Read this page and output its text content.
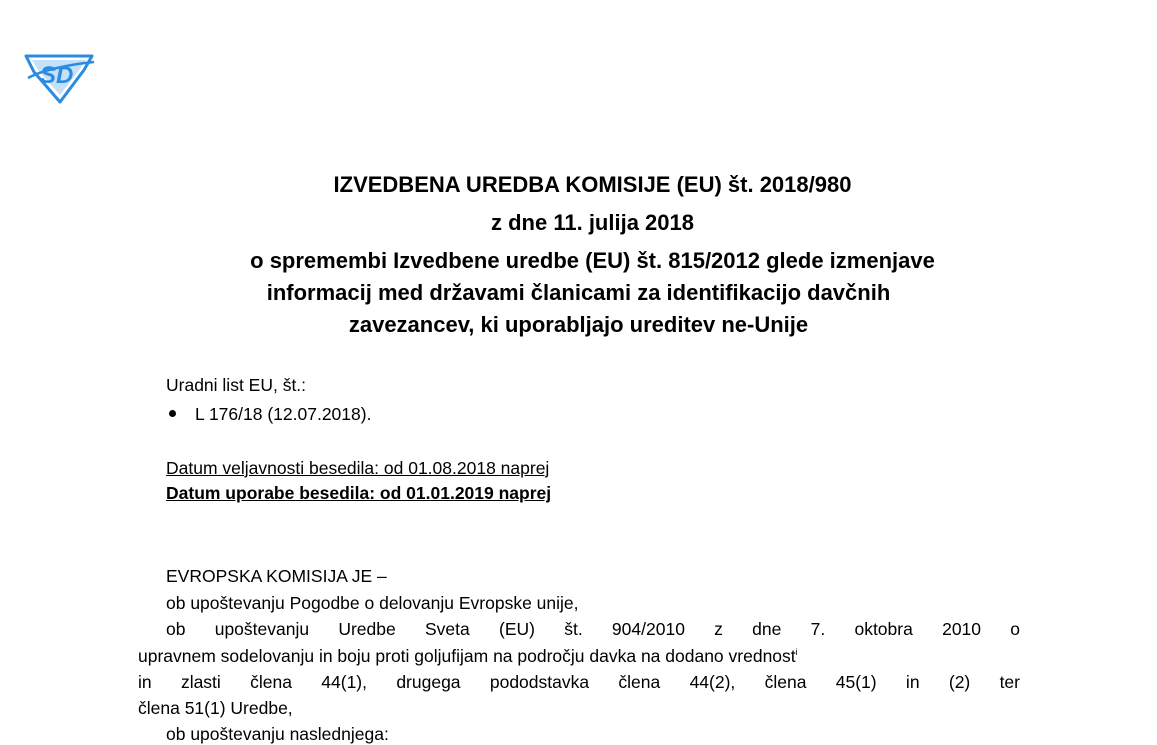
SD
IZVEDBENA UREDBA KOMISIJE (EU) št. 2018/980
z dne 11. julija 2018
o spremembi Izvedbene uredbe (EU) št. 815/2012 glede izmenjave
informacij med državami članicami za identifikacijo davčnih
zavezancev, ki uporabljajo ureditev ne-Unije
Uradni list EU, št.:
L 176/18 (12.07.2018).
Datum veljavnosti besedila: od 01.08.2018 naprej
Datum uporabe besedila: od 01.01.2019 naprej
EVROPSKA KOMISIJA JE –
ob upoštevanju Pogodbe o delovanju Evropske unije,
ob upoštevanju Uredbe Sveta (EU) št. 904/2010 z dne 7. oktobra 2010 o
upravnem sodelovanju in boju proti goljufijam na področju davka na dodano vrednost$^i$
in zlasti člena 44(1), drugega pododstavka člena 44(2), člena 45(1) in (2) ter
člena 51(1) Uredbe,
ob upoštevanju naslednjega:
